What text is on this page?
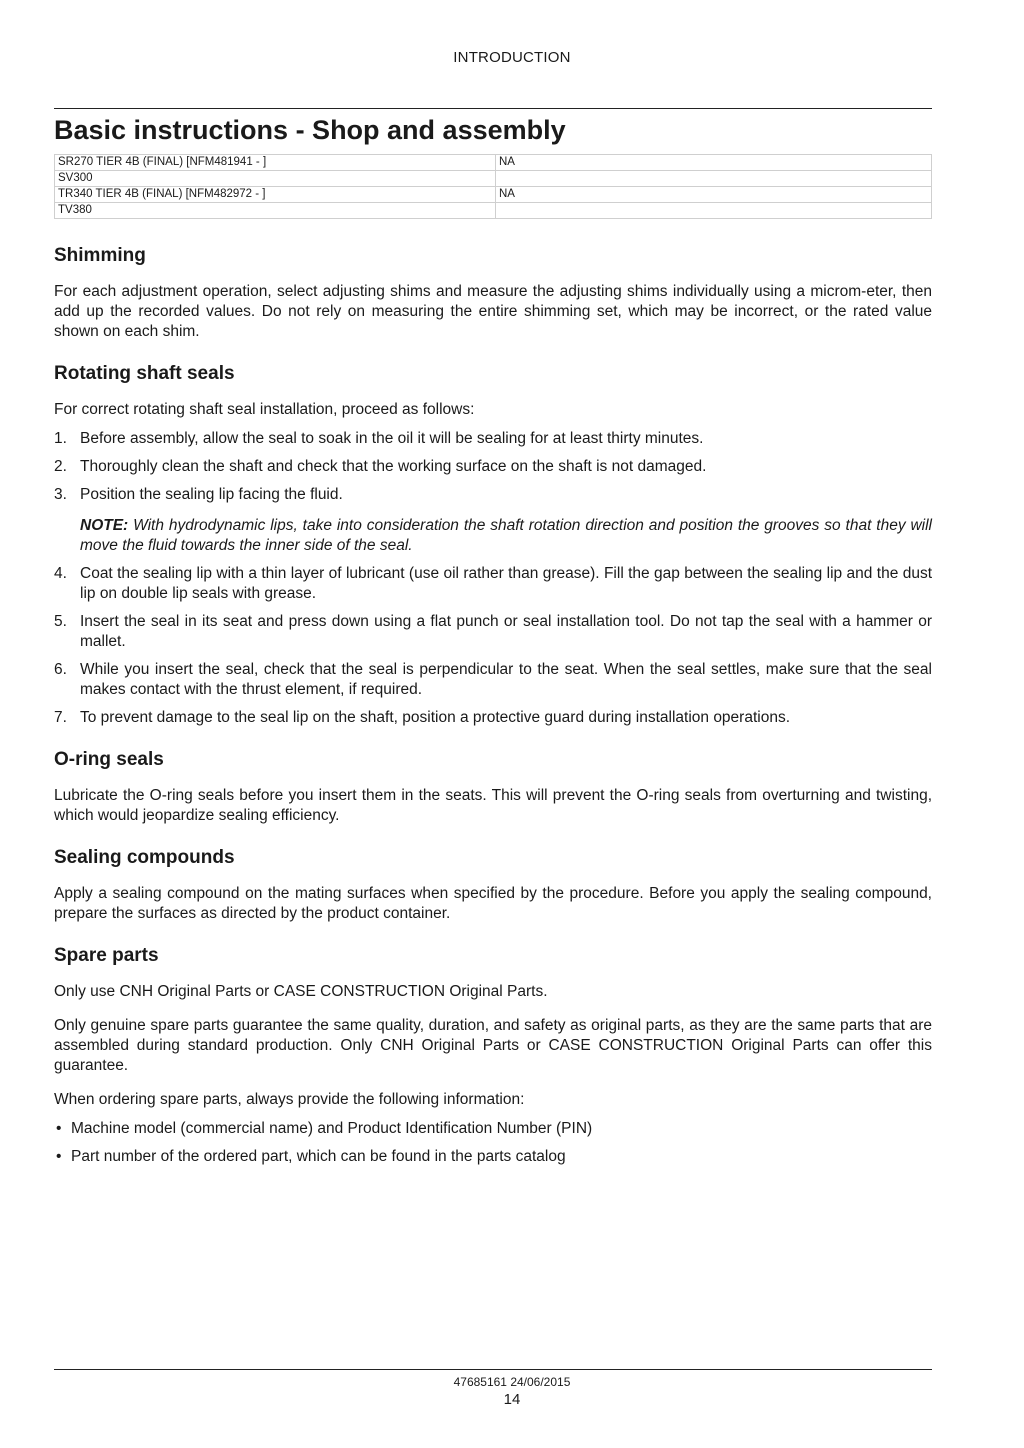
INTRODUCTION
Basic instructions - Shop and assembly
SR270 TIER 4B (FINAL) [NFM481941 - ]	NA
SV300	
TR340 TIER 4B (FINAL) [NFM482972 - ]	NA
TV380	
Shimming

For each adjustment operation, select adjusting shims and measure the adjusting shims individually using a microm-eter, then add up the recorded values. Do not rely on measuring the entire shimming set, which may be incorrect, or the rated value shown on each shim.

Rotating shaft seals

For correct rotating shaft seal installation, proceed as follows:

1. Before assembly, allow the seal to soak in the oil it will be sealing for at least thirty minutes.
2. Thoroughly clean the shaft and check that the working surface on the shaft is not damaged.
3. Position the sealing lip facing the fluid.
NOTE: With hydrodynamic lips, take into consideration the shaft rotation direction and position the grooves so that they will move the fluid towards the inner side of the seal.
4. Coat the sealing lip with a thin layer of lubricant (use oil rather than grease). Fill the gap between the sealing lip and the dust lip on double lip seals with grease.
5. Insert the seal in its seat and press down using a flat punch or seal installation tool. Do not tap the seal with a hammer or mallet.
6. While you insert the seal, check that the seal is perpendicular to the seat. When the seal settles, make sure that the seal makes contact with the thrust element, if required.
7. To prevent damage to the seal lip on the shaft, position a protective guard during installation operations.
O-ring seals

Lubricate the O-ring seals before you insert them in the seats. This will prevent the O-ring seals from overturning and twisting, which would jeopardize sealing efficiency.

Sealing compounds

Apply a sealing compound on the mating surfaces when specified by the procedure. Before you apply the sealing compound, prepare the surfaces as directed by the product container.

Spare parts

Only use CNH Original Parts or CASE CONSTRUCTION Original Parts.

Only genuine spare parts guarantee the same quality, duration, and safety as original parts, as they are the same parts that are assembled during standard production. Only CNH Original Parts or CASE CONSTRUCTION Original Parts can offer this guarantee.

When ordering spare parts, always provide the following information:

• Machine model (commercial name) and Product Identification Number (PIN)
• Part number of the ordered part, which can be found in the parts catalog
47685161 24/06/2015
14
